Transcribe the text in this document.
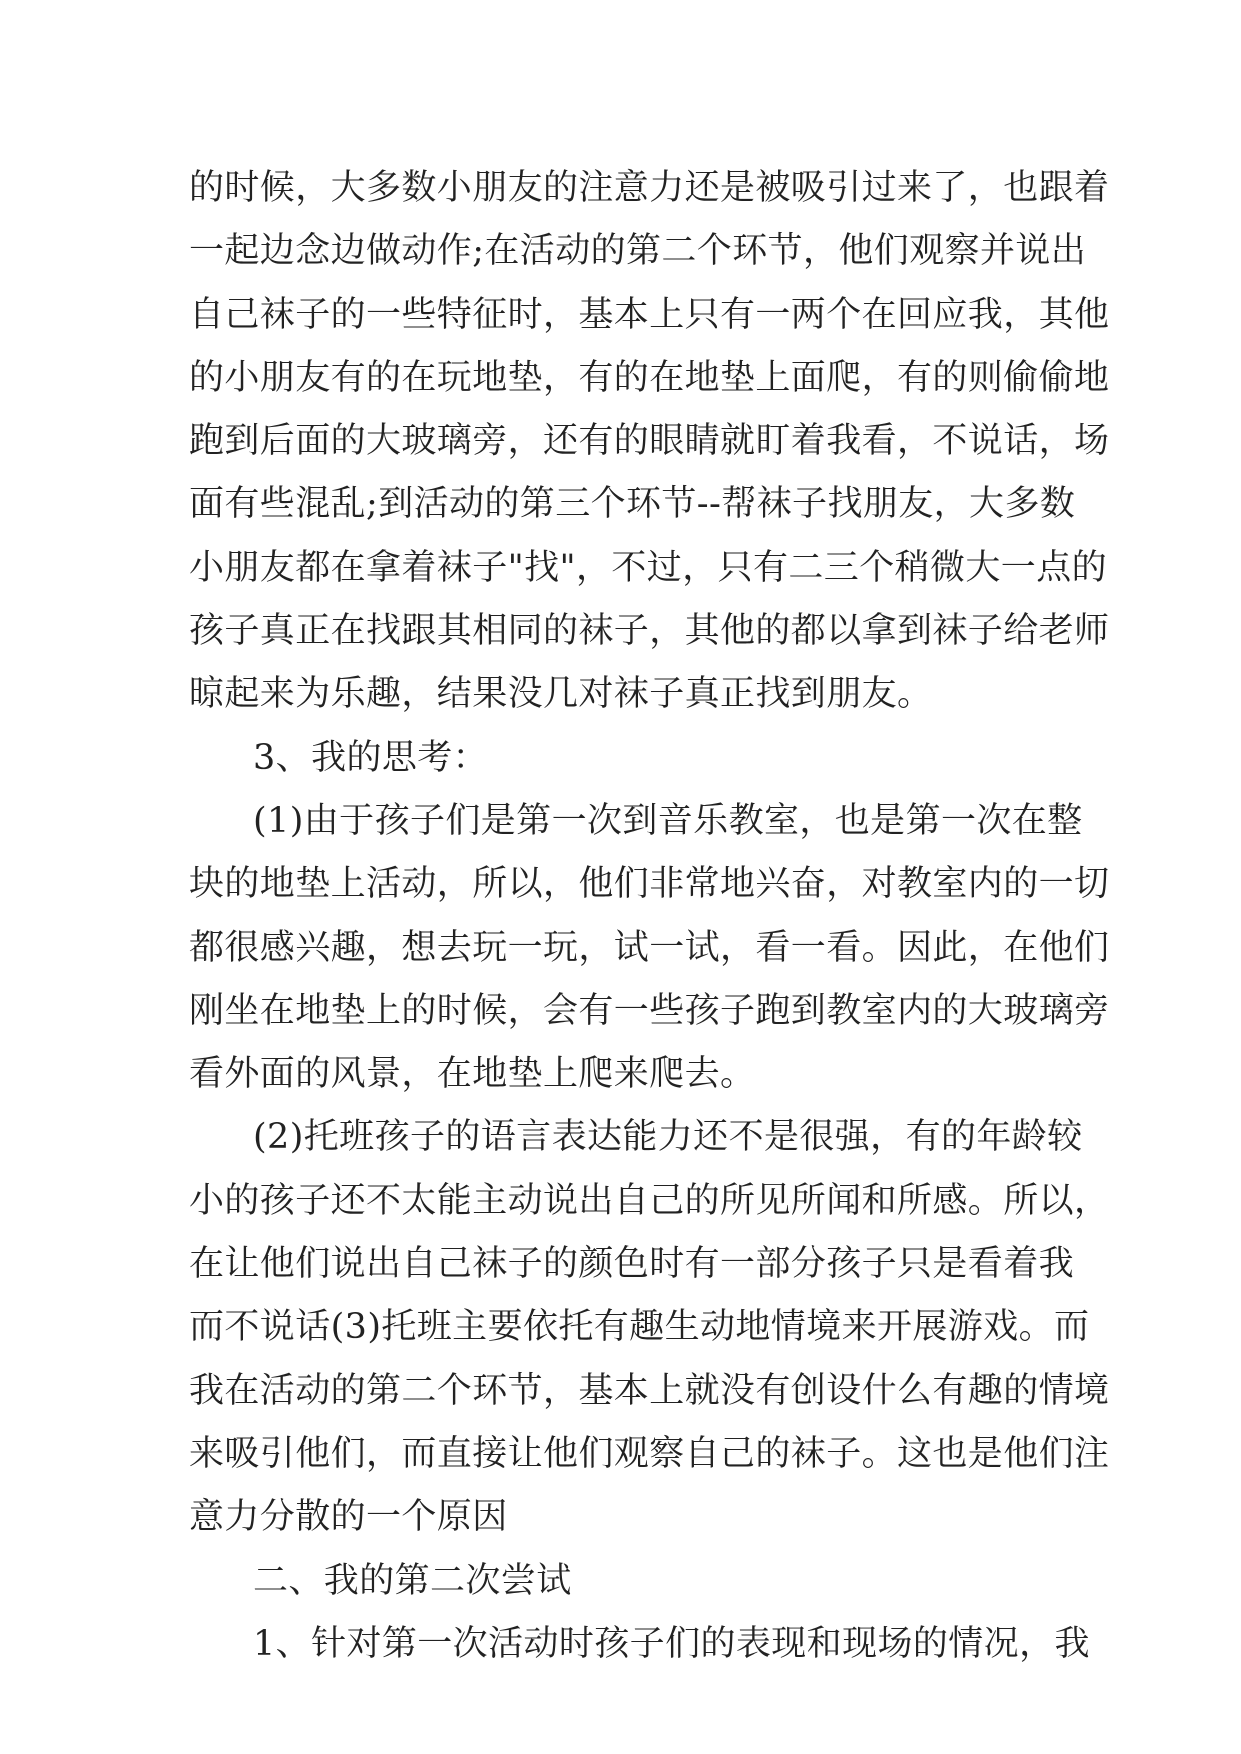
的时候，大多数小朋友的注意力还是被吸引过来了，也跟着
一起边念边做动作;在活动的第二个环节，他们观察并说出
自己袜子的一些特征时，基本上只有一两个在回应我，其他
的小朋友有的在玩地垫，有的在地垫上面爬，有的则偷偷地
跑到后面的大玻璃旁，还有的眼睛就盯着我看，不说话，场
面有些混乱;到活动的第三个环节--帮袜子找朋友，大多数
小朋友都在拿着袜子"找"，不过，只有二三个稍微大一点的
孩子真正在找跟其相同的袜子，其他的都以拿到袜子给老师
晾起来为乐趣，结果没几对袜子真正找到朋友。
3、我的思考：
(1)由于孩子们是第一次到音乐教室，也是第一次在整
块的地垫上活动，所以，他们非常地兴奋，对教室内的一切
都很感兴趣，想去玩一玩，试一试，看一看。因此，在他们
刚坐在地垫上的时候，会有一些孩子跑到教室内的大玻璃旁
看外面的风景，在地垫上爬来爬去。
(2)托班孩子的语言表达能力还不是很强，有的年龄较
小的孩子还不太能主动说出自己的所见所闻和所感。所以，
在让他们说出自己袜子的颜色时有一部分孩子只是看着我
而不说话(3)托班主要依托有趣生动地情境来开展游戏。而
我在活动的第二个环节，基本上就没有创设什么有趣的情境
来吸引他们，而直接让他们观察自己的袜子。这也是他们注
意力分散的一个原因
二、我的第二次尝试
1、针对第一次活动时孩子们的表现和现场的情况，我
